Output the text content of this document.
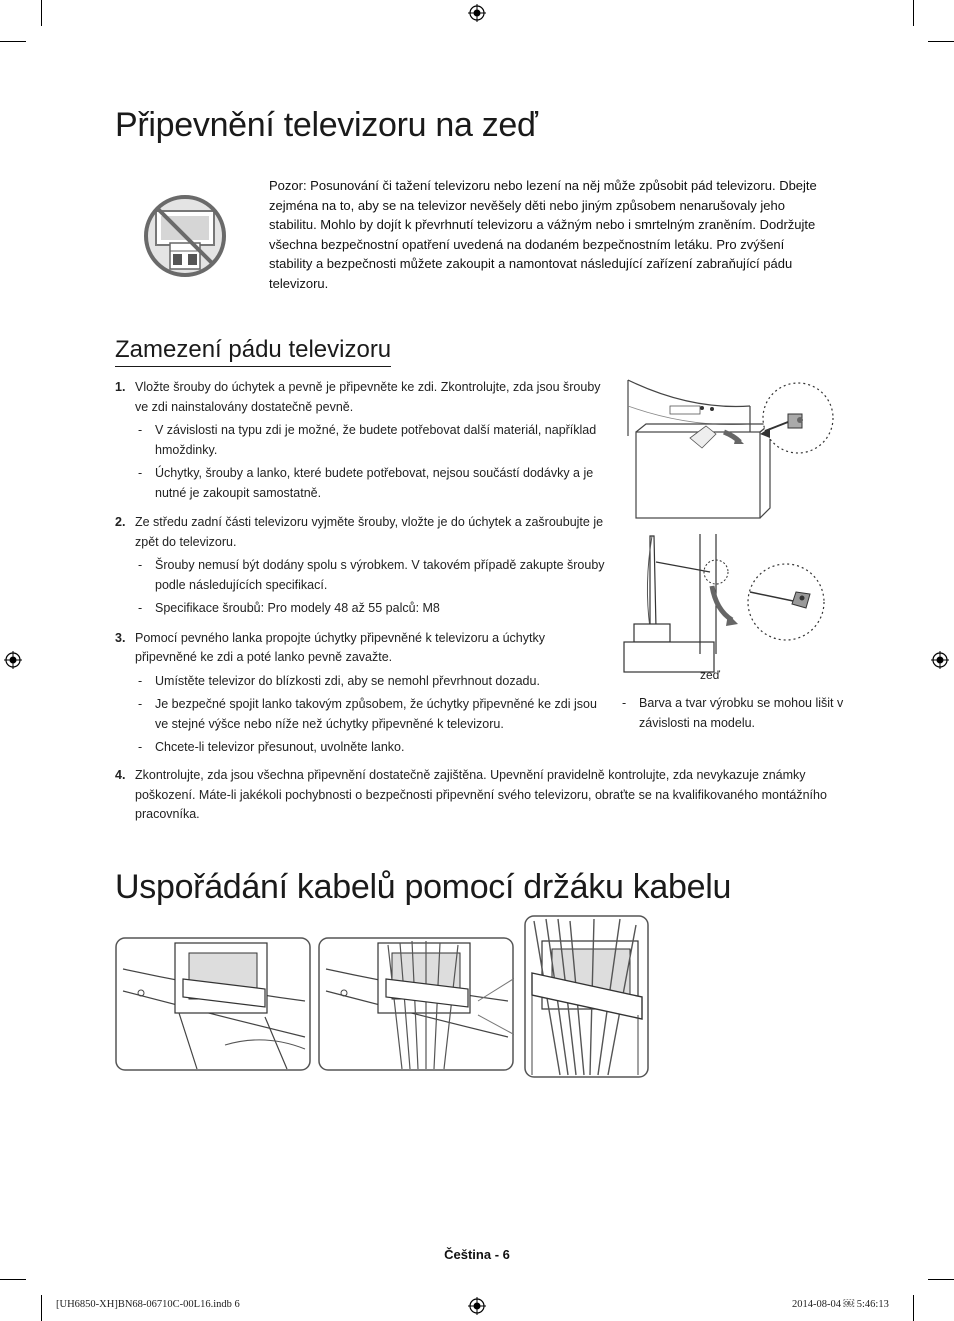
Připevnění televizoru na zeď
Pozor: Posunování či tažení televizoru nebo lezení na něj může způsobit pád televizoru. Dbejte zejména na to, aby se na televizor nevěšely děti nebo jiným způsobem nenarušovaly jeho stabilitu. Mohlo by dojít k převrhnutí televizoru a vážným nebo i smrtelným zraněním. Dodržujte všechna bezpečnostní opatření uvedená na dodaném bezpečnostním letáku. Pro zvýšení stability a bezpečnosti můžete zakoupit a namontovat následující zařízení zabraňující pádu televizoru.
Zamezení pádu televizoru
1. Vložte šrouby do úchytek a pevně je připevněte ke zdi. Zkontrolujte, zda jsou šrouby ve zdi nainstalovány dostatečně pevně.
- V závislosti na typu zdi je možné, že budete potřebovat další materiál, například hmoždinky.
- Úchytky, šrouby a lanko, které budete potřebovat, nejsou součástí dodávky a je nutné je zakoupit samostatně.
2. Ze středu zadní části televizoru vyjměte šrouby, vložte je do úchytek a zašroubujte je zpět do televizoru.
- Šrouby nemusí být dodány spolu s výrobkem. V takovém případě zakupte šrouby podle následujících specifikací.
- Specifikace šroubů: Pro modely 48 až 55 palců: M8
3. Pomocí pevného lanka propojte úchytky připevněné k televizoru a úchytky připevněné ke zdi a poté lanko pevně zavažte.
- Umístěte televizor do blízkosti zdi, aby se nemohl převrhnout dozadu.
- Je bezpečné spojit lanko takovým způsobem, že úchytky připevněné ke zdi jsou ve stejné výšce nebo níže než úchytky připevněné k televizoru.
- Chcete-li televizor přesunout, uvolněte lanko.
zeď
-	Barva a tvar výrobku se mohou lišit v závislosti na modelu.
4. Zkontrolujte, zda jsou všechna připevnění dostatečně zajištěna. Upevnění pravidelně kontrolujte, zda nevykazuje známky poškození. Máte-li jakékoli pochybnosti o bezpečnosti připevnění svého televizoru, obraťte se na kvalifikovaného montážního pracovníka.
Uspořádání kabelů pomocí držáku kabelu
Čeština - 6
[UH6850-XH]BN68-06710C-00L16.indb 6	2014-08-04 ￼ 5:46:13
